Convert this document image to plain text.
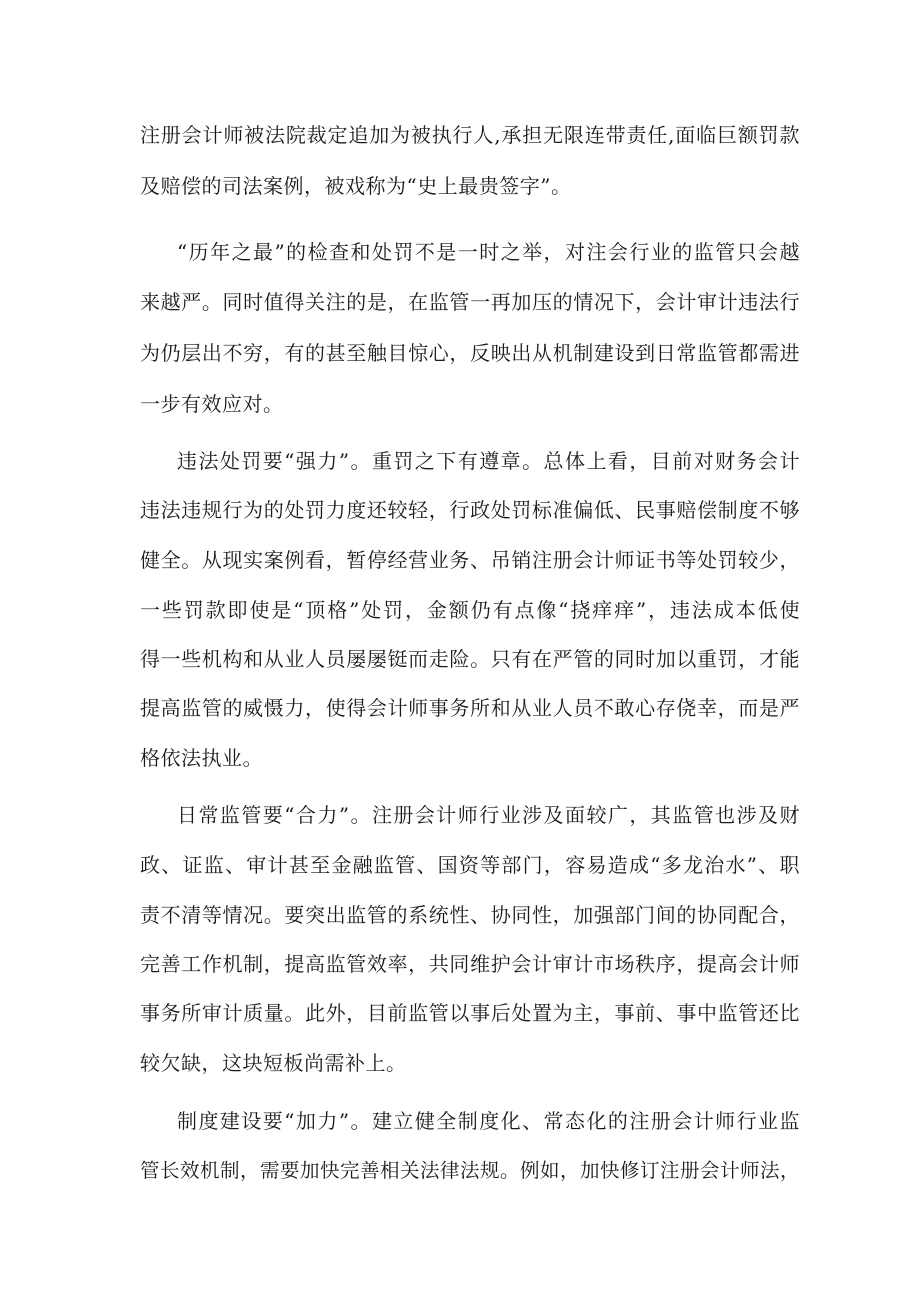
注册会计师被法院裁定追加为被执行人,承担无限连带责任,面临巨额罚款
及赔偿的司法案例，被戏称为“史上最贵签字”。
“历年之最”的检查和处罚不是一时之举，对注会行业的监管只会越
来越严。同时值得关注的是，在监管一再加压的情况下，会计审计违法行
为仍层出不穷，有的甚至触目惊心，反映出从机制建设到日常监管都需进
一步有效应对。
违法处罚要“强力”。重罚之下有遵章。总体上看，目前对财务会计
违法违规行为的处罚力度还较轻，行政处罚标准偏低、民事赔偿制度不够
健全。从现实案例看，暂停经营业务、吊销注册会计师证书等处罚较少，
一些罚款即使是“顶格”处罚，金额仍有点像“挠痒痒”，违法成本低使
得一些机构和从业人员屡屡铤而走险。只有在严管的同时加以重罚，才能
提高监管的威慑力，使得会计师事务所和从业人员不敢心存侥幸，而是严
格依法执业。
日常监管要“合力”。注册会计师行业涉及面较广，其监管也涉及财
政、证监、审计甚至金融监管、国资等部门，容易造成“多龙治水”、职
责不清等情况。要突出监管的系统性、协同性，加强部门间的协同配合，
完善工作机制，提高监管效率，共同维护会计审计市场秩序，提高会计师
事务所审计质量。此外，目前监管以事后处置为主，事前、事中监管还比
较欠缺，这块短板尚需补上。
制度建设要“加力”。建立健全制度化、常态化的注册会计师行业监
管长效机制，需要加快完善相关法律法规。例如，加快修订注册会计师法，
